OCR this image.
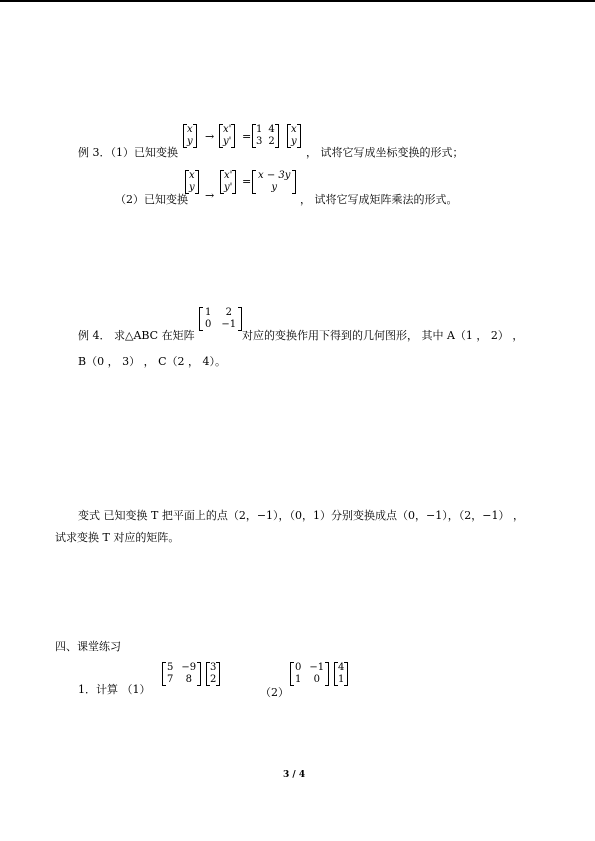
例 3．（1）已知变换
x
y →
x'
y' =
1	4
3	2
x
y
， 试将它写成坐标变换的形式；
（2）已知变换
x
y
→
x'
y' = x − 3y
y
， 试将它写成矩阵乘法的形式。
例 4． 求△ABC 在矩阵
1	2
0	−1
对应的变换作用下得到的几何图形， 其中 A（1 ， 2） ，
B（0 ， 3） ， C（2 ， 4）。
变式 已知变换 T 把平面上的点（2，−1），（0，1）分别变换成点（0，−1），（2，−1） ，
试求变换 T 对应的矩阵。
四、课堂练习
1．计算 （1）
5	−9
7	8
3
2
（2）
0	−1
1	0
4
1
3 / 4
